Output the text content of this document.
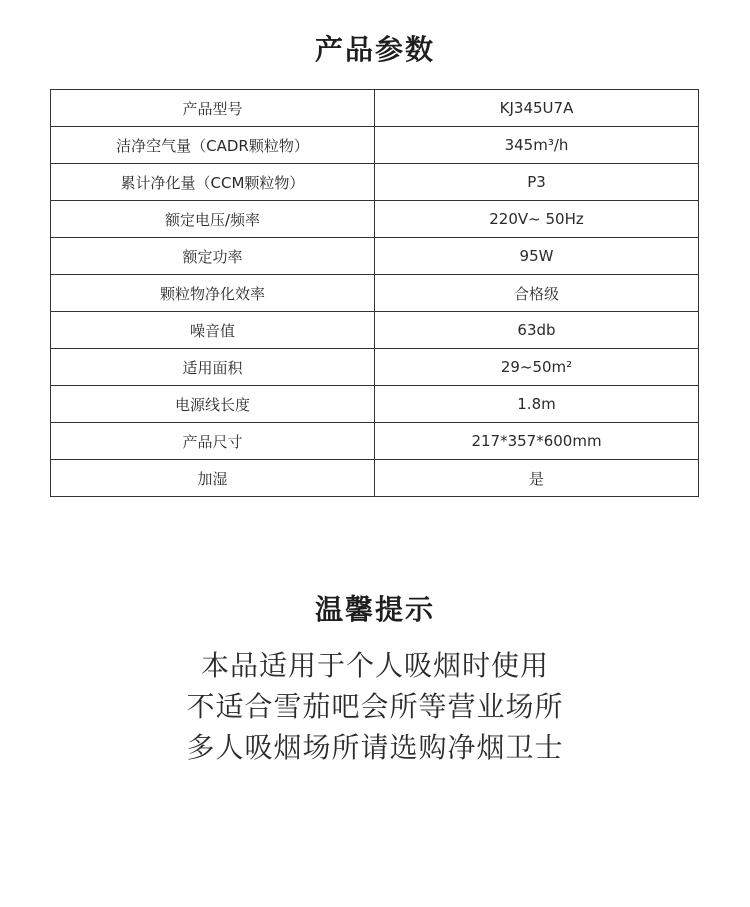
产品参数
产品型号	KJ345U7A
洁净空气量（CADR颗粒物）	345m³/h
累计净化量（CCM颗粒物）	P3
额定电压/频率	220V~ 50Hz
额定功率	95W
颗粒物净化效率	合格级
噪音值	63db
适用面积	29~50m²
电源线长度	1.8m
产品尺寸	217*357*600mm
加湿	是
温馨提示
本品适用于个人吸烟时使用
不适合雪茄吧会所等营业场所
多人吸烟场所请选购净烟卫士
